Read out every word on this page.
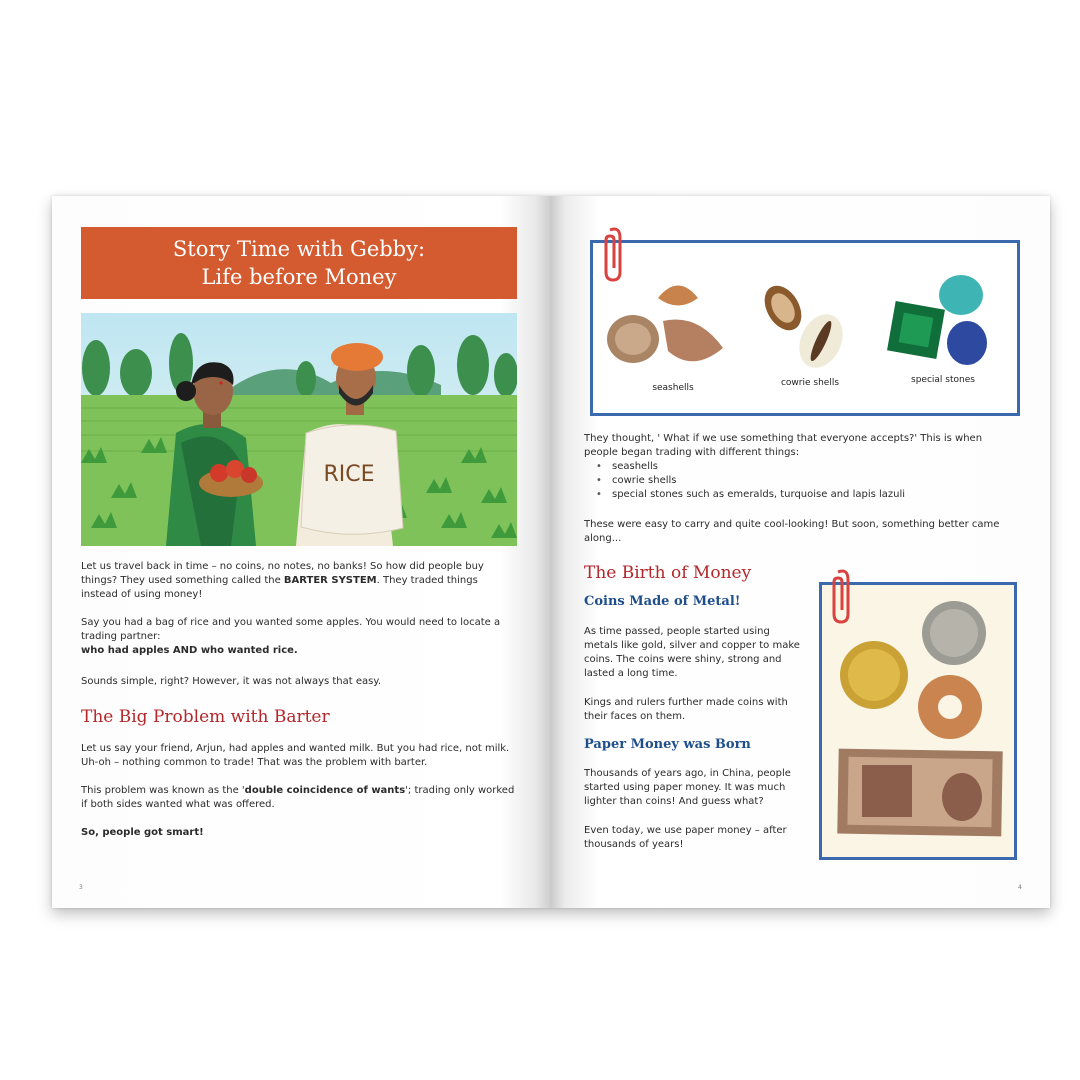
Story Time with Gebby:
Life before Money
RICE
Let us travel back in time – no coins, no notes, no banks! So how did people buy things? They used something called the BARTER SYSTEM. They traded things instead of using money!
Say you had a bag of rice and you wanted some apples. You would need to locate a trading partner:
who had apples AND who wanted rice.
Sounds simple, right? However, it was not always that easy.
The Big Problem with Barter
Let us say your friend, Arjun, had apples and wanted milk. But you had rice, not milk. Uh-oh – nothing common to trade! That was the problem with barter.
This problem was known as the 'double coincidence of wants'; trading only worked if both sides wanted what was offered.
So, people got smart!
3
seashells	cowrie shells	special stones
They thought, ' What if we use something that everyone accepts?' This is when people began trading with different things:
• seashells
• cowrie shells
• special stones such as emeralds, turquoise and lapis lazuli
These were easy to carry and quite cool-looking! But soon, something better came along...
The Birth of Money
Coins Made of Metal!
As time passed, people started using metals like gold, silver and copper to make coins. The coins were shiny, strong and lasted a long time.
Kings and rulers further made coins with their faces on them.
Paper Money was Born
Thousands of years ago, in China, people started using paper money. It was much lighter than coins! And guess what?
Even today, we use paper money – after thousands of years!
4
